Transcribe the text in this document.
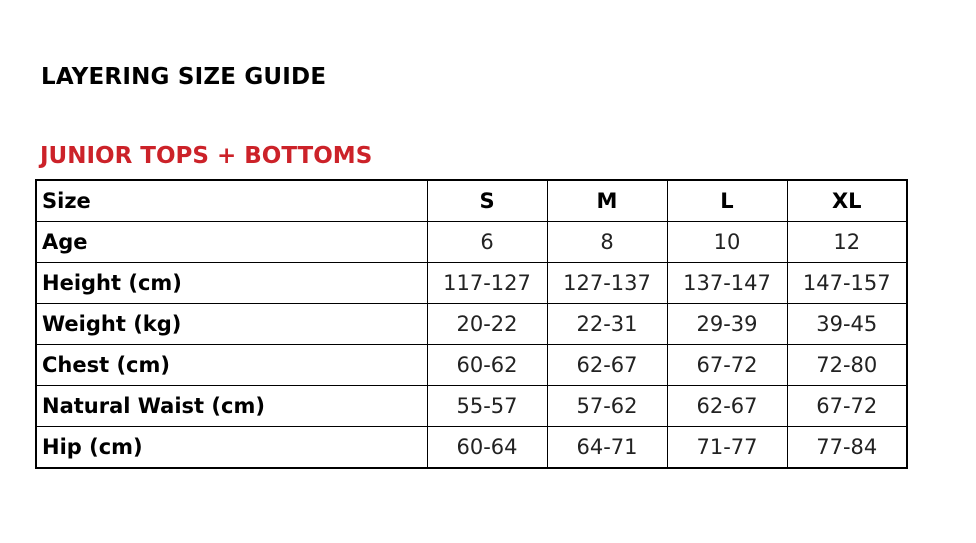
LAYERING SIZE GUIDE
JUNIOR TOPS + BOTTOMS
Size	S	M	L	XL
Age	6	8	10	12
Height (cm)	117-127	127-137	137-147	147-157
Weight (kg)	20-22	22-31	29-39	39-45
Chest (cm)	60-62	62-67	67-72	72-80
Natural Waist (cm)	55-57	57-62	62-67	67-72
Hip (cm)	60-64	64-71	71-77	77-84
